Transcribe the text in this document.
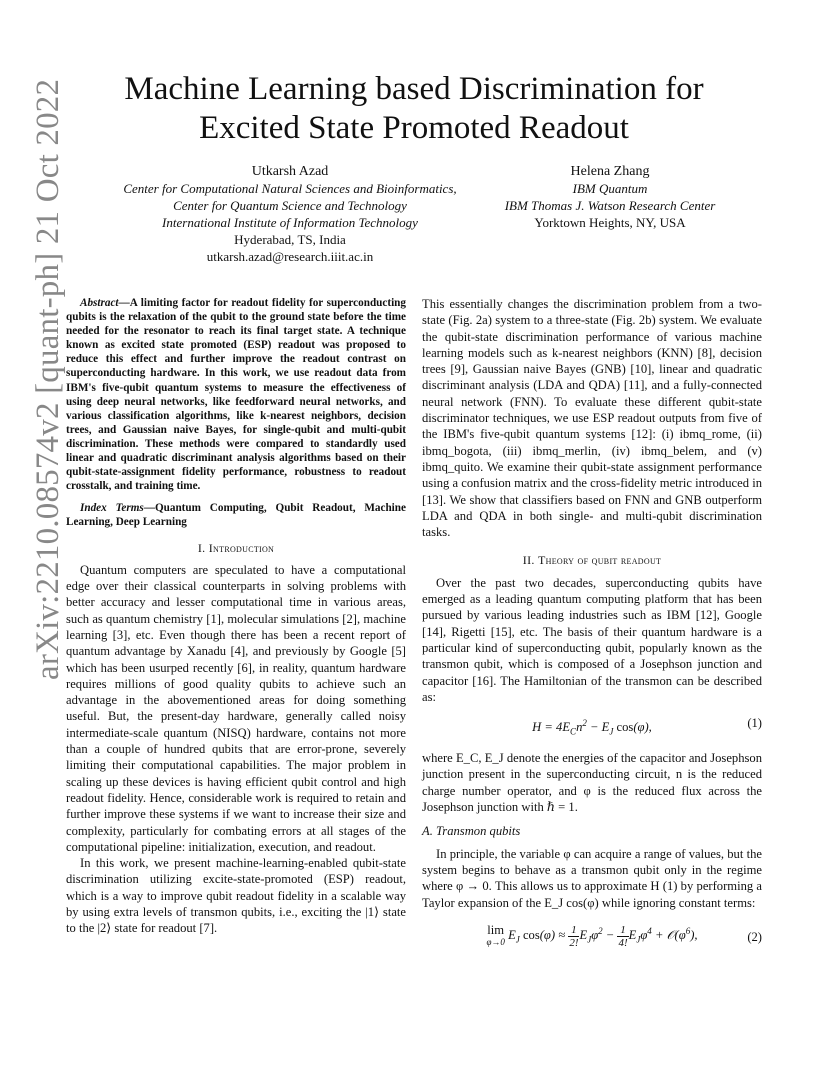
arXiv:2210.08574v2 [quant-ph] 21 Oct 2022	Machine Learning based Discrimination for
Excited State Promoted Readout
Utkarsh Azad
Center for Computational Natural Sciences and Bioinformatics,
Center for Quantum Science and Technology
International Institute of Information Technology
Hyderabad, TS, India
utkarsh.azad@research.iiit.ac.in
Helena Zhang
IBM Quantum
IBM Thomas J. Watson Research Center
Yorktown Heights, NY, USA

Abstract—A limiting factor for readout fidelity for superconducting qubits is the relaxation of the qubit to the ground state before the time needed for the resonator to reach its final target state. A technique known as excited state promoted (ESP) readout was proposed to reduce this effect and further improve the readout contrast on superconducting hardware. In this work, we use readout data from IBM's five-qubit quantum systems to measure the effectiveness of using deep neural networks, like feedforward neural networks, and various classification algorithms, like k-nearest neighbors, decision trees, and Gaussian naive Bayes, for single-qubit and multi-qubit discrimination. These methods were compared to standardly used linear and quadratic discriminant analysis algorithms based on their qubit-state-assignment fidelity performance, robustness to readout crosstalk, and training time.

Index Terms—Quantum Computing, Qubit Readout, Machine Learning, Deep Learning

I. Introduction

Quantum computers are speculated to have a computational edge over their classical counterparts in solving problems with better accuracy and lesser computational time in various areas, such as quantum chemistry [1], molecular simulations [2], machine learning [3], etc. Even though there has been a recent report of quantum advantage by Xanadu [4], and previously by Google [5] which has been usurped recently [6], in reality, quantum hardware requires millions of good quality qubits to achieve such an advantage in the abovementioned areas for doing something useful. But, the present-day hardware, generally called noisy intermediate-scale quantum (NISQ) hardware, contains not more than a couple of hundred qubits that are error-prone, severely limiting their computational capabilities. The major problem in scaling up these devices is having efficient qubit control and high readout fidelity. Hence, considerable work is required to retain and further improve these systems if we want to increase their size and complexity, particularly for combating errors at all stages of the computational pipeline: initialization, execution, and readout.

In this work, we present machine-learning-enabled qubit-state discrimination utilizing excite-state-promoted (ESP) readout, which is a way to improve qubit readout fidelity in a scalable way by using extra levels of transmon qubits, i.e., exciting the |1⟩ state to the |2⟩ state for readout [7].

This essentially changes the discrimination problem from a two-state (Fig. 2a) system to a three-state (Fig. 2b) system. We evaluate the qubit-state discrimination performance of various machine learning models such as k-nearest neighbors (KNN) [8], decision trees [9], Gaussian naive Bayes (GNB) [10], linear and quadratic discriminant analysis (LDA and QDA) [11], and a fully-connected neural network (FNN). To evaluate these different qubit-state discriminator techniques, we use ESP readout outputs from five of the IBM's five-qubit quantum systems [12]: (i) ibmq_rome, (ii) ibmq_bogota, (iii) ibmq_merlin, (iv) ibmq_belem, and (v) ibmq_quito. We examine their qubit-state assignment performance using a confusion matrix and the cross-fidelity metric introduced in [13]. We show that classifiers based on FNN and GNB outperform LDA and QDA in both single- and multi-qubit discrimination tasks.

II. Theory of qubit readout

Over the past two decades, superconducting qubits have emerged as a leading quantum computing platform that has been pursued by various leading industries such as IBM [12], Google [14], Rigetti [15], etc. The basis of their quantum hardware is a particular kind of superconducting qubit, popularly known as the transmon qubit, which is composed of a Josephson junction and capacitor [16]. The Hamiltonian of the transmon can be described as:

$H = 4E_Cn^2 - E_J$ cos(φ),	(1)

where E_C, E_J denote the energies of the capacitor and Josephson junction present in the superconducting circuit, n is the reduced charge number operator, and φ is the reduced flux across the Josephson junction with ℏ = 1.

A. Transmon qubits

In principle, the variable φ can acquire a range of values, but the system begins to behave as a transmon qubit only in the regime where φ → 0. This allows us to approximate H (1) by performing a Taylor expansion of the E_J cos(φ) while ignoring constant terms:

lim
φ→0
$E_J$ $\cos(\varphi) \approx \frac{1}{2!} E_J\varphi^2 - \frac{1}{4!} E_J\varphi^4$ + $𝒪(\varphi^6)$,	(2)
